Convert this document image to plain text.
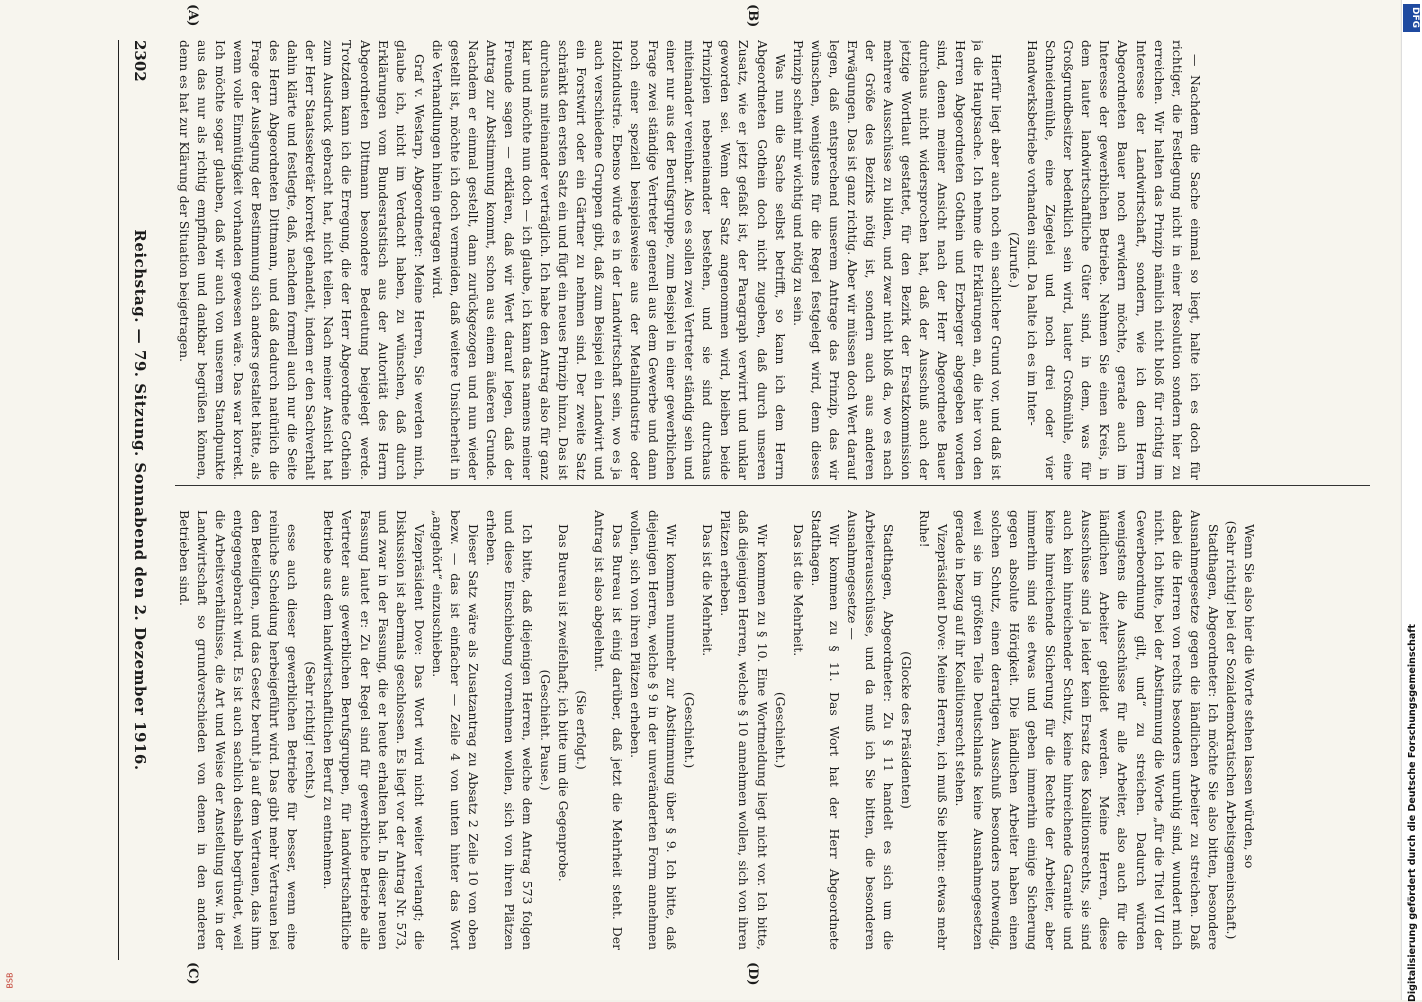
2302
Reichstag. — 79. Sitzung. Sonnabend den 2. Dezember 1916.	Graf v. Westarp, Abgeordneter: Meine Herren, Sie werden mich, glaube ich, nicht im Verdacht haben, zu wünschen, daß durch Erklärungen vom Bundesratstisch aus der Autorität des Herrn Abgeordneten Dittmann besondere Bedeutung beigelegt werde. Trotzdem kann ich die Erregung, die der Herr Abgeordnete Gothein zum Ausdruck gebracht hat, nicht teilen. Nach meiner Ansicht hat der Herr Staatssekretär korrekt gehandelt, indem er den Sachverhalt dahin klärte und festlegte, daß, nachdem formell auch nur die Seite des Herrn Abgeordneten Dittmann, und daß dadurch natürlich die Frage der Auslegung der Bestimmung sich anders gestaltet hätte, als wenn volle Einmütigkeit vorhanden gewesen wäre. Das war korrekt. Ich möchte sogar glauben, daß wir auch von unserem Standpunkte aus das nur als richtig empfinden und dankbar begrüßen können, denn es hat zur Klärung der Situation beigetragen.	Was nun die Sache selbst betrifft, so kann ich dem Herrn Abgeordneten Gothein doch nicht zugeben, daß durch unseren Zusatz, wie er jetzt gefaßt ist, der Paragraph verwirrt und unklar geworden sei. Wenn der Satz angenommen wird, bleiben beide Prinzipien nebeneinander bestehen, und sie sind durchaus miteinander vereinbar. Also es sollen zwei Vertreter ständig sein und einer nur aus der Berufsgruppe, zum Beispiel in einer gewerblichen Frage zwei ständige Vertreter generell aus dem Gewerbe und dann noch einer speziell beispielsweise aus der Metallindustrie oder Holzindustrie. Ebenso würde es in der Landwirtschaft sein, wo es ja auch verschiedene Gruppen gibt, daß zum Beispiel ein Landwirt und ein Forstwirt oder ein Gärtner zu nehmen sind. Der zweite Satz schränkt den ersten Satz ein und fügt ein neues Prinzip hinzu. Das ist durchaus miteinander verträglich. Ich habe den Antrag also für ganz klar und möchte nun doch — ich glaube, ich kann das namens meiner Freunde sagen — erklären, daß wir Wert darauf legen, daß der Antrag zur Abstimmung kommt, schon aus einem äußeren Grunde. Nachdem er einmal gestellt, dann zurückgezogen und nun wieder gestellt ist, möchte ich doch vermeiden, daß weitere Unsicherheit in die Verhandlungen hinein getragen wird.	Hierfür liegt aber auch noch ein sachlicher Grund vor, und daß ist ja die Hauptsache. Ich nehme die Erklärungen an, die hier von den Herren Abgeordneten Gothein und Erzberger abgegeben worden sind, denen meiner Ansicht nach der Herr Abgeordnete Bauer durchaus nicht widersprochen hat, daß der Ausschuß auch der jetzige Wortlaut gestattet, für den Bezirk der Ersatzkommission mehrere Ausschüsse zu bilden, und zwar nicht bloß da, wo es nach der Größe des Bezirks nötig ist, sondern auch aus anderen Erwägungen. Das ist ganz richtig. Aber wir müssen doch Wert darauf legen, daß entsprechend unserem Antrage das Prinzip, das wir wünschen, wenigstens für die Regel festgelegt wird, denn dieses Prinzip scheint mir wichtig und nötig zu sein.	(Zurufe.)	— Nachdem die Sache einmal so liegt, halte ich es doch für richtiger, die Festlegung nicht in einer Resolution sondern hier zu erreichen. Wir halten das Prinzip nämlich nicht bloß für richtig im Interesse der Landwirtschaft, sondern, wie ich dem Herrn Abgeordneten Bauer noch erwidern möchte, gerade auch im Interesse der gewerblichen Betriebe. Nehmen Sie einen Kreis, in dem lauter landwirtschaftliche Güter sind, in dem, was für Großgrundbesitzer bedenklich sein wird, lauter Großmühle, eine Schneidemühle, eine Ziegelei und noch drei oder vier Handwerksbetriebe vorhanden sind. Da halte ich es im Inter-

esse auch dieser gewerblichen Betriebe für besser, wenn eine reinliche Scheidung herbeigeführt wird. Das gibt mehr Vertrauen bei den Beteiligten, und das Gesetz beruht ja auf dem Vertrauen, das ihm entgegengebracht wird. Es ist auch sachlich deshalb begründet, weil die Arbeitsverhältnisse, die Art und Weise der Anstellung usw. in der Landwirtschaft so grundverschieden von denen in den anderen Betrieben sind.

(Sehr richtig! rechts.)	Vizepräsident Dove: Das Wort wird nicht weiter verlangt; die Diskussion ist abermals geschlossen. Es liegt vor der Antrag Nr. 573, und zwar in der Fassung, die er heute erhalten hat. In dieser neuen Fassung lautet er: Zu der Regel sind für gewerbliche Betriebe alle Vertreter aus gewerblichen Berufsgruppen, für landwirtschaftliche Betriebe aus dem landwirtschaftlichen Beruf zu entnehmen.	Dieser Satz wäre als Zusatzantrag zu Absatz 2 Zeile 10 von oben bezw. — das ist einfacher — Zeile 4 von unten hinter das Wort „angehört“ einzuschieben.	Ich bitte, daß diejenigen Herren, welche dem Antrag 573 folgen und diese Einschiebung vornehmen wollen, sich von ihren Plätzen erheben.

(Geschieht. Pause.) Das Bureau ist zweifelhaft; ich bitte um die Gegenprobe. (Sie erfolgt.)	Das Bureau ist einig darüber, daß jetzt die Mehrheit steht. Der Antrag ist also abgelehnt.	Wir kommen nunmehr zur Abstimmung über § 9. Ich bitte, daß diejenigen Herren, welche § 9 in der unveränderten Form annehmen wollen, sich von ihren Plätzen erheben.	(Geschieht.)

Das ist die Mehrheit.	Wir kommen zu § 10. Eine Wortmeldung liegt nicht vor. Ich bitte, daß diejenigen Herren, welche § 10 annehmen wollen, sich von ihren Plätzen erheben.

(Geschieht.)

Das ist die Mehrheit.	Wir kommen zu § 11. Das Wort hat der Herr Abgeordnete Stadthagen.	Stadthagen, Abgeordneter: Zu § 11 handelt es sich um die Arbeiterausschüsse, und da muß ich Sie bitten, die besonderen Ausnahmegesetze —

(Glocke des Präsidenten)	Vizepräsident Dove: Meine Herren, ich muß Sie bitten: etwas mehr Ruhe!	Stadthagen, Abgeordneter: Ich möchte Sie also bitten, besondere Ausnahmegesetze gegen die ländlichen Arbeiter zu streichen. Daß dabei die Herren von rechts besonders unruhig sind, wundert mich nicht. Ich bitte, bei der Abstimmung die Worte „für die Titel VII der Gewerbeordnung gilt, und“ zu streichen. Dadurch würden wenigstens die Ausschüsse für alle Arbeiter, also auch für die ländlichen Arbeiter gebildet werden. Meine Herren, diese Ausschüsse sind ja leider kein Ersatz des Koalitionsrechts, sie sind auch kein hinreichender Schutz, keine hinreichende Garantie und keine hinreichende Sicherung für die Rechte der Arbeiter, aber immerhin sind sie etwas und geben immerhin einige Sicherung gegen absolute Hörigkeit. Die ländlichen Arbeiter haben einen solchen Schutz, einen derartigen Ausschuß besonders notwendig, weil sie im größten Teile Deutschlands keine Ausnahmegesetzen gerade in bezug auf ihr Koalitionsrecht stehen.	(Sehr richtig! bei der Sozialdemokratischen Arbeitsgemeinschaft.) Wenn Sie also hier die Worte stehen lassen würden, so

(A)	(B)
(C)	(D)	Digitalisierung gefördert durch die Deutsche Forschungsgemeinschaft
DFG
BSB
